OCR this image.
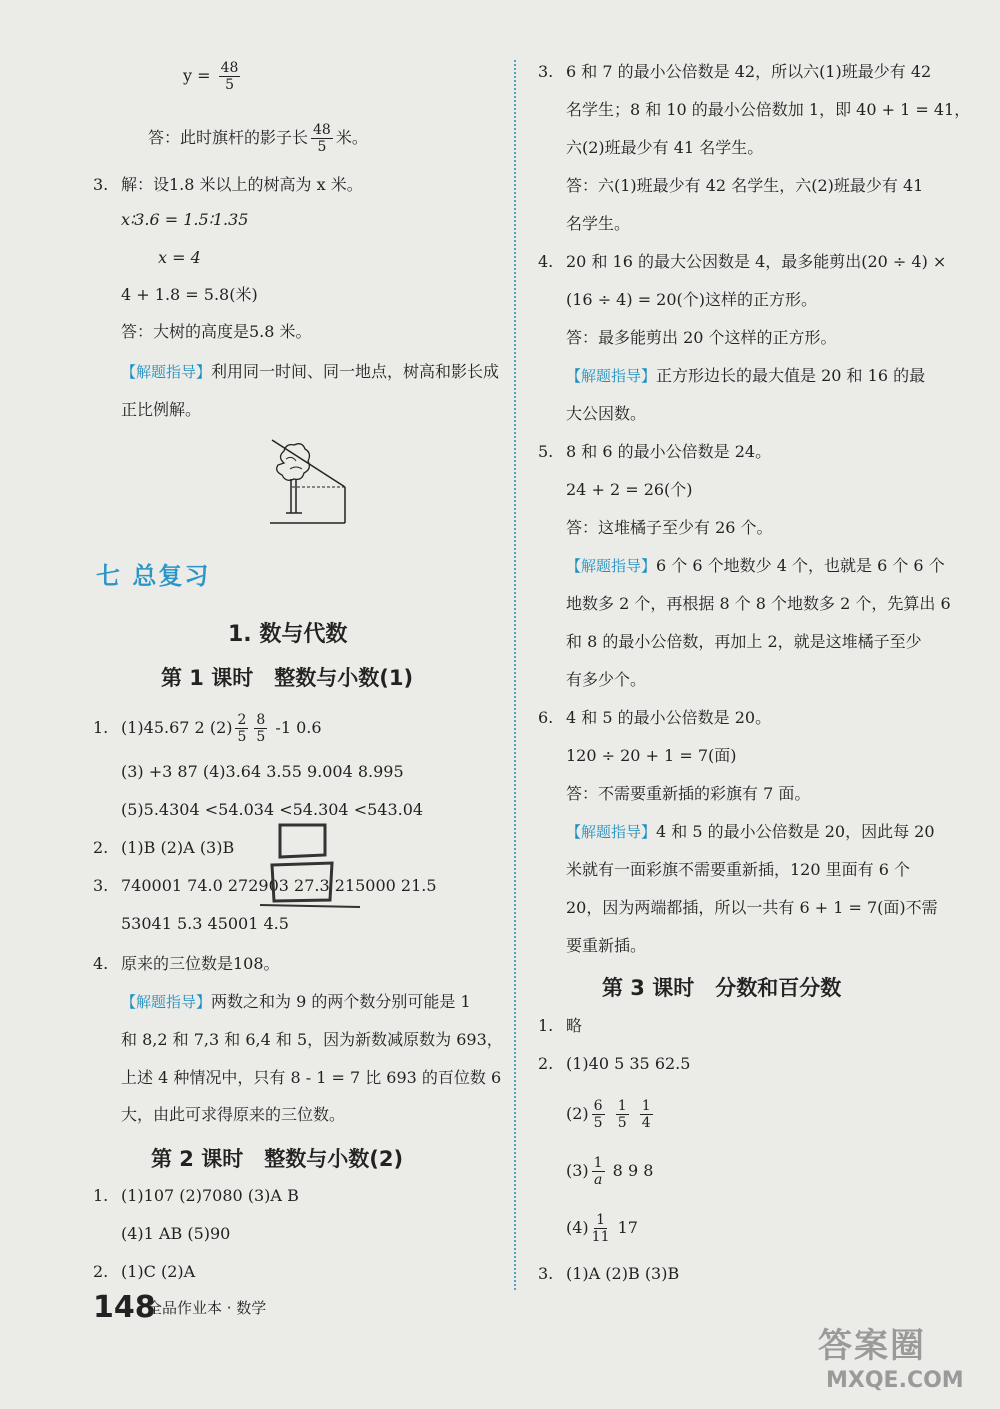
$y = \frac{48}{5}$
答：此时旗杆的影子长 $\frac{48}{5}$ 米。
3. 解：设1.8 米以上的树高为 x 米。
x∶3.6 = 1.5∶1.35
x = 4
4 + 1.8 = 5.8(米)
答：大树的高度是5.8 米。
【解题指导】利用同一时间、同一地点，树高和影长成
正比例解。
七 总复习
1. 数与代数
第 1 课时　整数与小数(1)
1. (1)45.67 2 $(2) \frac{2}{5} \frac{8}{5} -1$ 0.6
(3) +3 87 (4)3.64 3.55 9.004 8.995
(5)5.4304 <54.034 <54.304 <543.04
2. (1)B (2)A (3)B
3. 740001 74.0 272903 27.3 215000 21.5
53041 5.3 45001 4.5
4. 原来的三位数是108。
【解题指导】两数之和为 9 的两个数分别可能是 1
和 8,2 和 7,3 和 6,4 和 5，因为新数减原数为 693，
上述 4 种情况中，只有 8 - 1 = 7 比 693 的百位数 6
大，由此可求得原来的三位数。
第 2 课时　整数与小数(2)
1. (1)107 (2)7080 (3)A B
(4)1 AB (5)90
2. (1)C (2)A
3. 6 和 7 的最小公倍数是 42，所以六(1)班最少有 42
名学生；8 和 10 的最小公倍数加 1，即 40 + 1 = 41，
六(2)班最少有 41 名学生。
答：六(1)班最少有 42 名学生，六(2)班最少有 41
名学生。
4. 20 和 16 的最大公因数是 4，最多能剪出(20 ÷ 4) ×
(16 ÷ 4) = 20(个)这样的正方形。
答：最多能剪出 20 个这样的正方形。
【解题指导】正方形边长的最大值是 20 和 16 的最
大公因数。
5. 8 和 6 的最小公倍数是 24。
24 + 2 = 26(个)
答：这堆橘子至少有 26 个。
【解题指导】6 个 6 个地数少 4 个，也就是 6 个 6 个
地数多 2 个，再根据 8 个 8 个地数多 2 个，先算出 6
和 8 的最小公倍数，再加上 2，就是这堆橘子至少
有多少个。
6. 4 和 5 的最小公倍数是 20。
120 ÷ 20 + 1 = 7(面)
答：不需要重新插的彩旗有 7 面。
【解题指导】4 和 5 的最小公倍数是 20，因此每 20
米就有一面彩旗不需要重新插，120 里面有 6 个
20，因为两端都插，所以一共有 6 + 1 = 7(面)不需
要重新插。
第 3 课时　分数和百分数
1. 略
2. (1)40 5 35 62.5
$(2) \frac{6}{5}$
$\frac{1}{5}$
$\frac{1}{4}$
$(3) \frac{1}{a} 8$ 9 8
$(4) \frac{1}{11} 17$
3. (1)A (2)B (3)B
148
全品作业本 · 数学
答案圈
MXQE.COM
